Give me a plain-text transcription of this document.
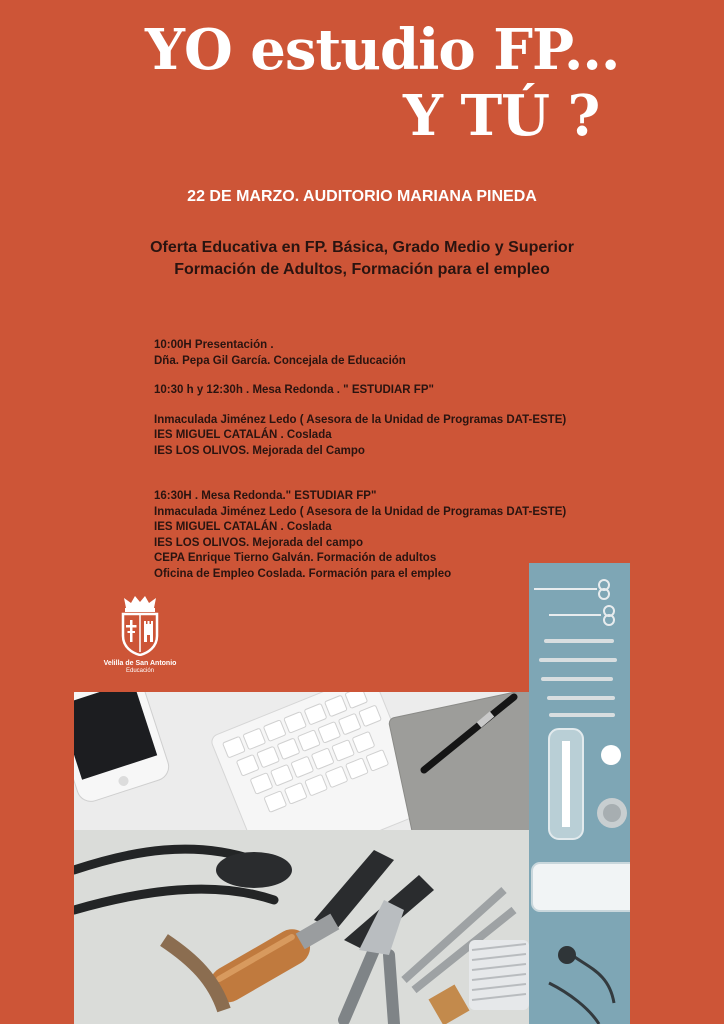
YO estudio FP...
Y TÚ ?
22 DE MARZO. AUDITORIO MARIANA PINEDA
Oferta Educativa en FP. Básica, Grado Medio y Superior
Formación de Adultos, Formación para el empleo

10:00H Presentación .

Dña. Pepa Gil García. Concejala de Educación

10:30 h y 12:30h . Mesa Redonda . " ESTUDIAR FP"

Inmaculada Jiménez Ledo ( Asesora de la Unidad de Programas DAT-ESTE)

IES MIGUEL CATALÁN . Coslada

IES LOS OLIVOS. Mejorada del Campo

16:30H . Mesa Redonda." ESTUDIAR FP"

Inmaculada Jiménez Ledo ( Asesora de la Unidad de Programas DAT-ESTE)

IES MIGUEL CATALÁN . Coslada

IES LOS OLIVOS. Mejorada del campo

CEPA Enrique Tierno Galván. Formación de adultos

Oficina de Empleo Coslada. Formación para el empleo

Velilla de San Antonio
Educación
